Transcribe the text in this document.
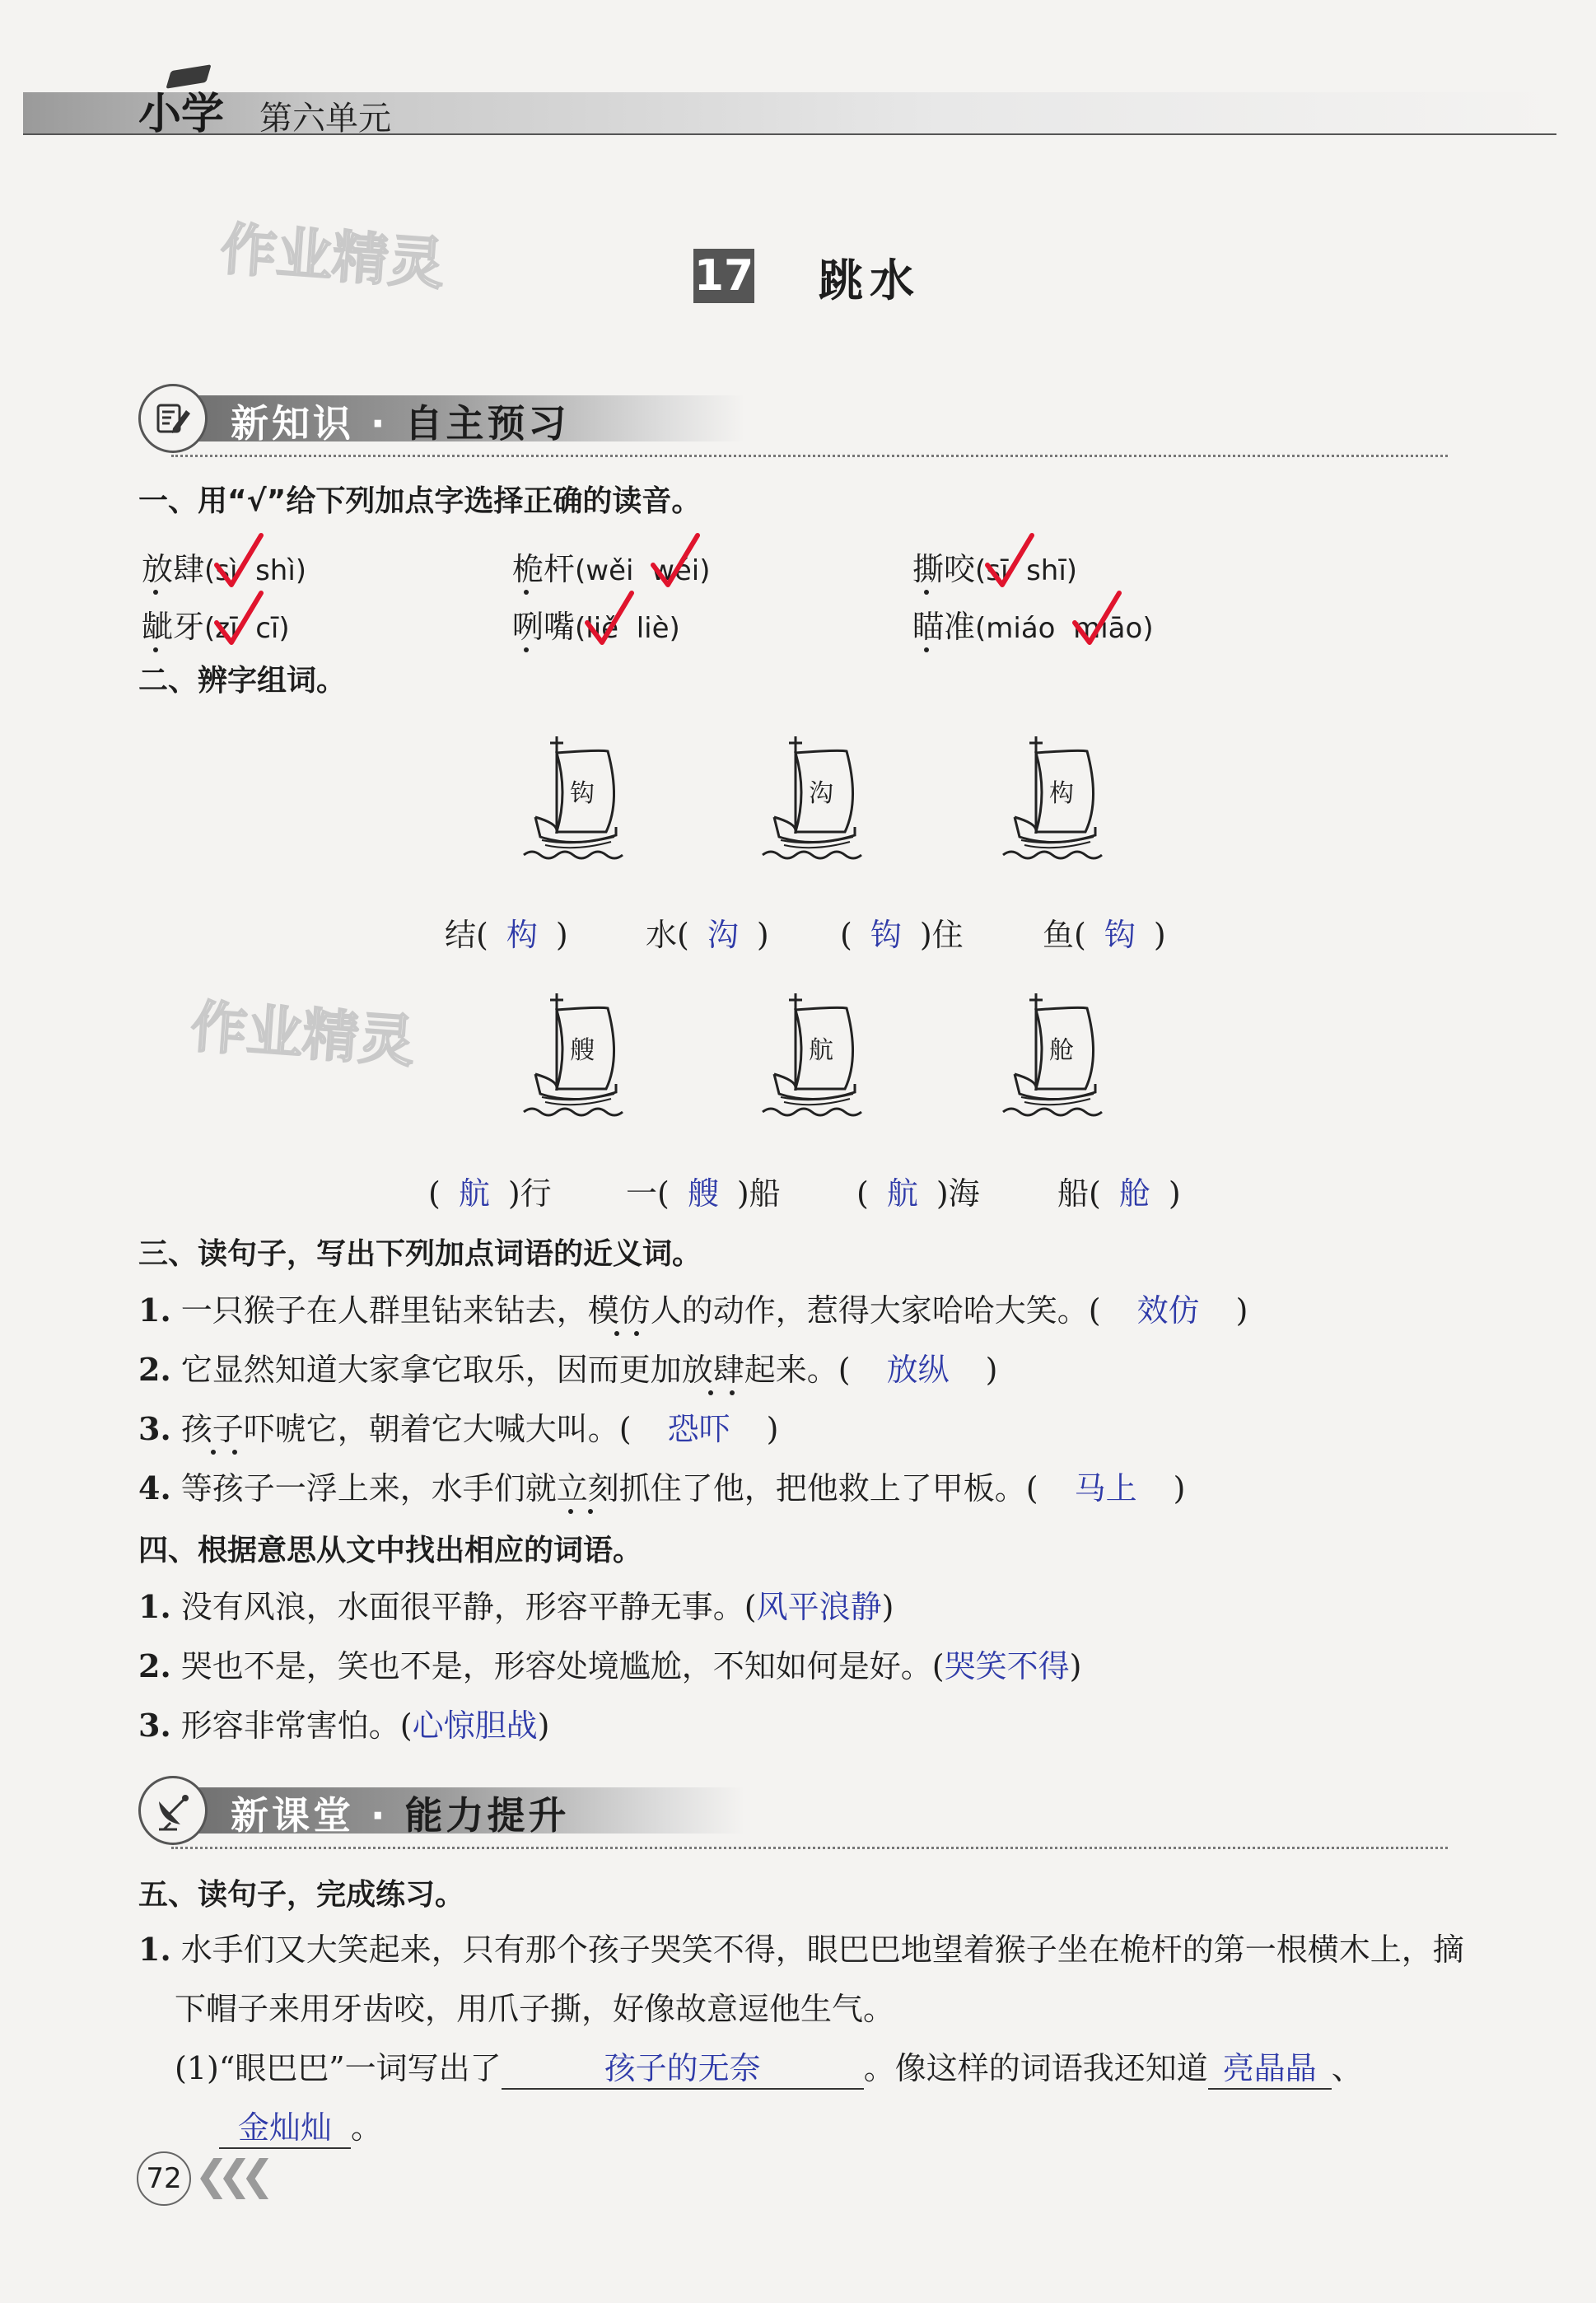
小学 第六单元
作业精灵
作业精灵
17 跳水
新知识 · 自主预习
一、用“√”给下列加点字选择正确的读音。
放肆(sì shì)	桅杆(wěi wéi)	撕咬(sī shī)
龇牙(zī cī)	咧嘴(liě liè)	瞄准(miáo miāo)
二、辨字组词。
钩	沟	构
艘	航	舱
结( 构 ) 水( 沟 ) ( 钩 )住	鱼( 钩 )
( 航 )行 一( 艘 )船 ( 航 )海 船( 舱 )
三、读句子，写出下列加点词语的近义词。
1. 一只猴子在人群里钻来钻去，模仿人的动作，惹得大家哈哈大笑。( 效仿 )
2. 它显然知道大家拿它取乐，因而更加放肆起来。( 放纵 )
3. 孩子吓唬它，朝着它大喊大叫。( 恐吓 )
4. 等孩子一浮上来，水手们就立刻抓住了他，把他救上了甲板。( 马上 )
四、根据意思从文中找出相应的词语。
1. 没有风浪，水面很平静，形容平静无事。(风平浪静)
2. 哭也不是，笑也不是，形容处境尴尬，不知如何是好。(哭笑不得)
3. 形容非常害怕。(心惊胆战)
新课堂 · 能力提升
五、读句子，完成练习。
1. 水手们又大笑起来，只有那个孩子哭笑不得，眼巴巴地望着猴子坐在桅杆的第一根横木上，摘
下帽子来用牙齿咬，用爪子撕，好像故意逗他生气。
(1)“眼巴巴”一词写出了	孩子的无奈	。像这样的词语我还知道 亮晶晶 、
金灿灿 。
72 ❮❮❮
